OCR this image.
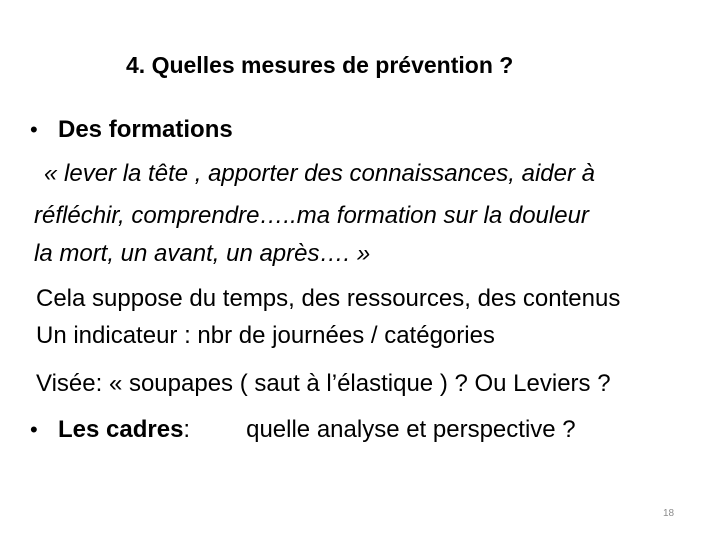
4. Quelles mesures de prévention ?
• Des formations
« lever la tête , apporter des connaissances, aider à
réfléchir, comprendre…..ma formation sur la douleur
la mort, un avant, un après…. »
Cela suppose du temps, des ressources, des contenus
Un indicateur : nbr de journées / catégories
Visée: « soupapes ( saut à l’élastique ) ? Ou Leviers ?
• Les cadres: quelle analyse et perspective ?
18
